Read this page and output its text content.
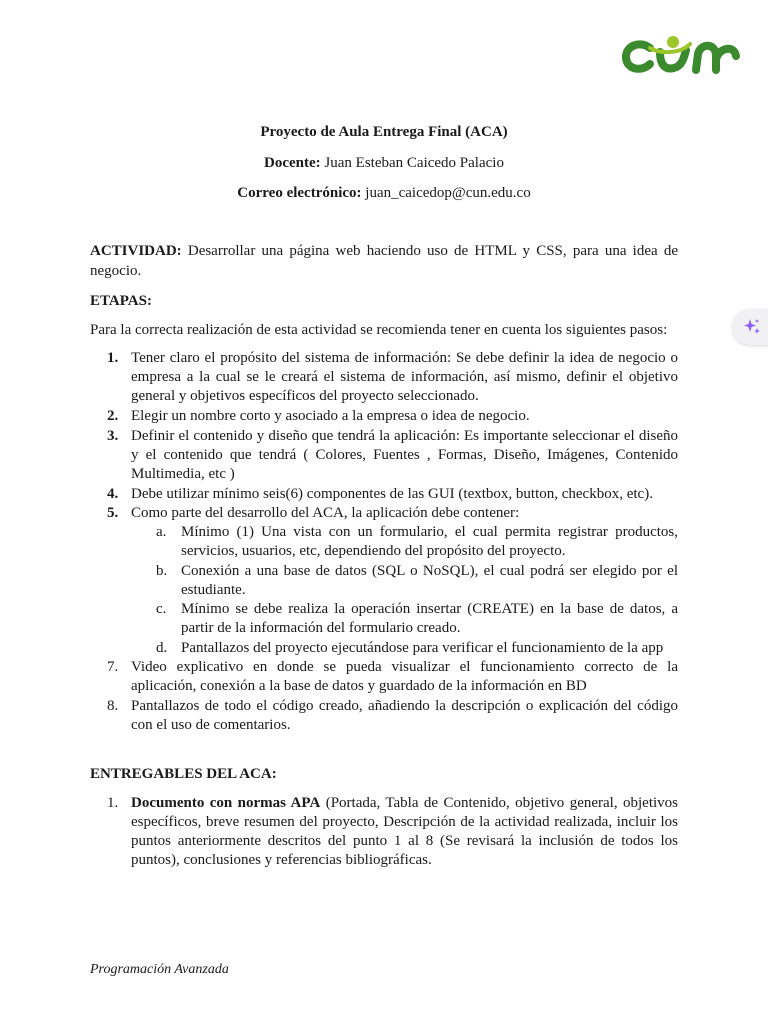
Proyecto de Aula Entrega Final (ACA)
Docente: Juan Esteban Caicedo Palacio
Correo electrónico: juan_caicedop@cun.edu.co
ACTIVIDAD: Desarrollar una página web haciendo uso de HTML y CSS, para una idea de negocio.
ETAPAS:
Para la correcta realización de esta actividad se recomienda tener en cuenta los siguientes pasos:
1. Tener claro el propósito del sistema de información: Se debe definir la idea de negocio o empresa a la cual se le creará el sistema de información, así mismo, definir el objetivo general y objetivos específicos del proyecto seleccionado.
2. Elegir un nombre corto y asociado a la empresa o idea de negocio.
3. Definir el contenido y diseño que tendrá la aplicación: Es importante seleccionar el diseño y el contenido que tendrá ( Colores, Fuentes , Formas, Diseño, Imágenes, Contenido Multimedia, etc )
4. Debe utilizar mínimo seis(6) componentes de las GUI (textbox, button, checkbox, etc).
5. Como parte del desarrollo del ACA, la aplicación debe contener:
a. Mínimo (1) Una vista con un formulario, el cual permita registrar productos, servicios, usuarios, etc, dependiendo del propósito del proyecto.
b. Conexión a una base de datos (SQL o NoSQL), el cual podrá ser elegido por el estudiante.
c. Mínimo se debe realiza la operación insertar (CREATE) en la base de datos, a partir de la información del formulario creado.
d. Pantallazos del proyecto ejecutándose para verificar el funcionamiento de la app
7. Video explicativo en donde se pueda visualizar el funcionamiento correcto de la aplicación, conexión a la base de datos y guardado de la información en BD
8. Pantallazos de todo el código creado, añadiendo la descripción o explicación del código con el uso de comentarios.
ENTREGABLES DEL ACA:
1. Documento con normas APA (Portada, Tabla de Contenido, objetivo general, objetivos específicos, breve resumen del proyecto, Descripción de la actividad realizada, incluir los puntos anteriormente descritos del punto 1 al 8 (Se revisará la inclusión de todos los puntos), conclusiones y referencias bibliográficas.
Programación Avanzada
